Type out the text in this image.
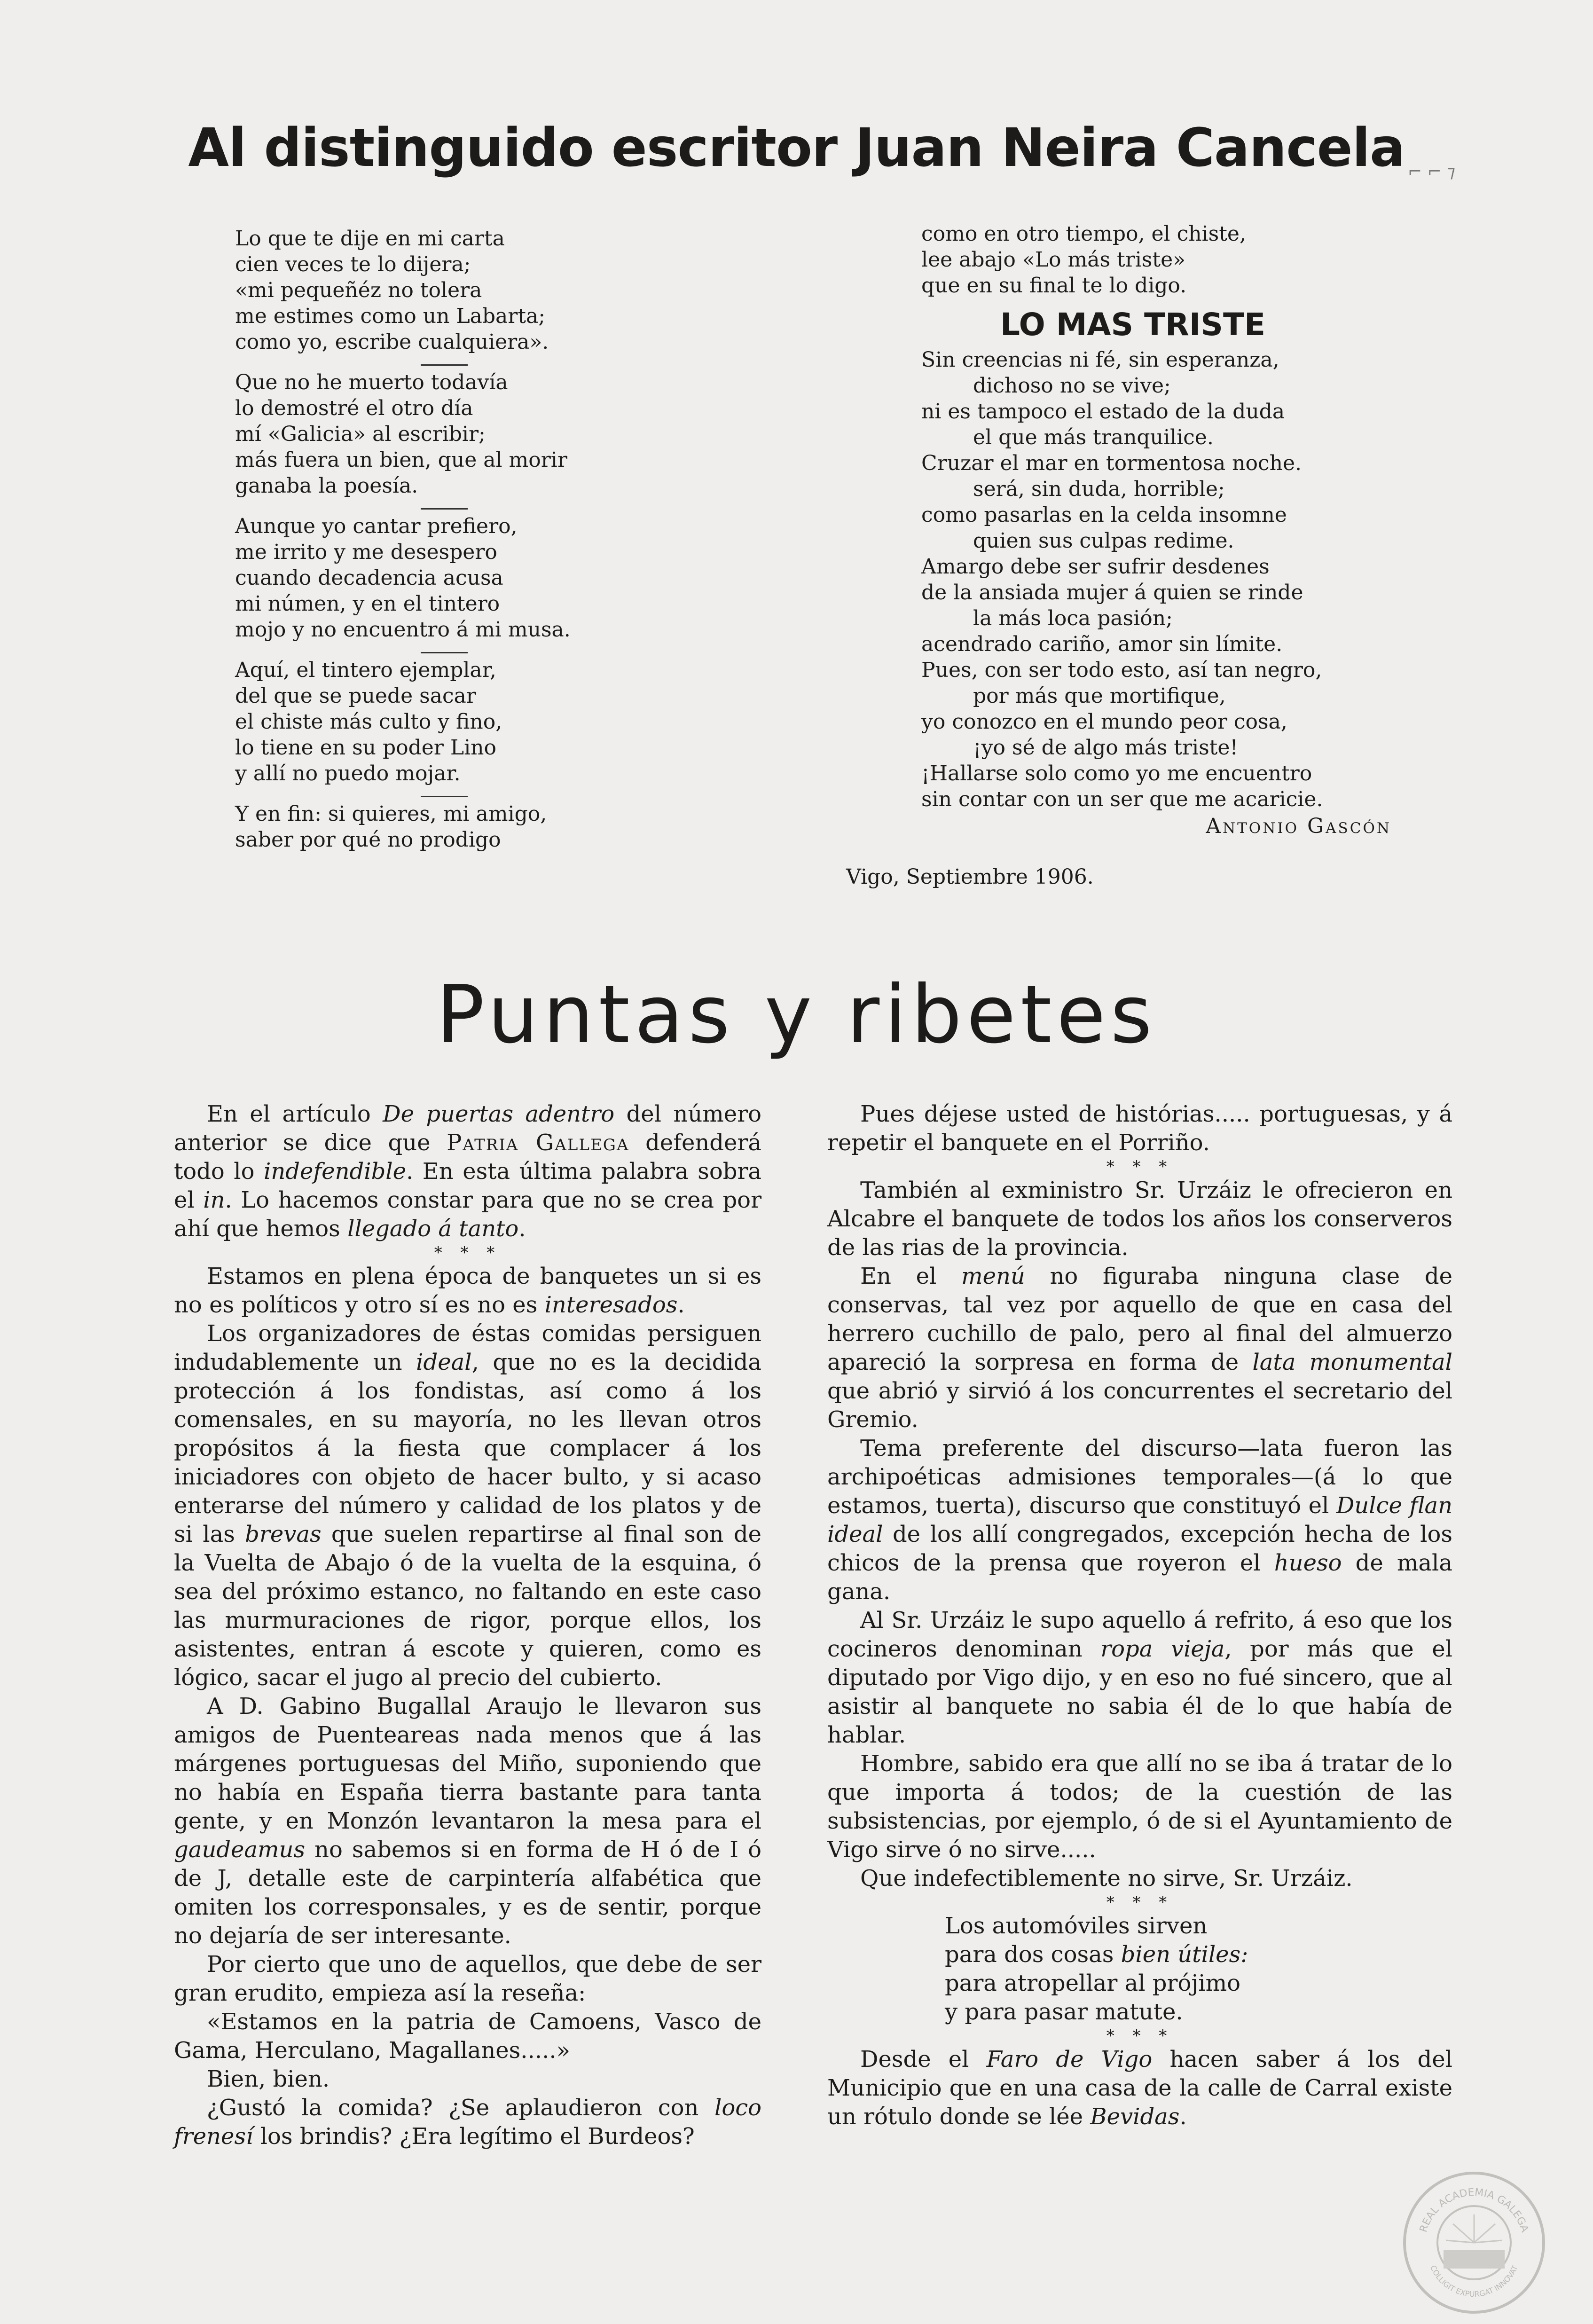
Al distinguido escritor Juan Neira Cancela ⌐ ⌐ ⁊
Lo que te dije en mi carta
cien veces te lo dijera;
«mi pequeñéz no tolera
me estimes como un Labarta;
como yo, escribe cualquiera».
Que no he muerto todavía
lo demostré el otro día
mí «Galicia» al escribir;
más fuera un bien, que al morir
ganaba la poesía.
Aunque yo cantar prefiero,
me irrito y me desespero
cuando decadencia acusa
mi númen, y en el tintero
mojo y no encuentro á mi musa.
Aquí, el tintero ejemplar,
del que se puede sacar
el chiste más culto y fino,
lo tiene en su poder Lino
y allí no puedo mojar.
Y en fin: si quieres, mi amigo,
saber por qué no prodigo
como en otro tiempo, el chiste,
lee abajo «Lo más triste»
que en su final te lo digo.
LO MAS TRISTE
Sin creencias ni fé, sin esperanza,
dichoso no se vive;
ni es tampoco el estado de la duda
el que más tranquilice.
Cruzar el mar en tormentosa noche.
será, sin duda, horrible;
como pasarlas en la celda insomne
quien sus culpas redime.
Amargo debe ser sufrir desdenes
de la ansiada mujer á quien se rinde
la más loca pasión;
acendrado cariño, amor sin límite.
Pues, con ser todo esto, así tan negro,
por más que mortifique,
yo conozco en el mundo peor cosa,
¡yo sé de algo más triste!
¡Hallarse solo como yo me encuentro
sin contar con un ser que me acaricie.
Antonio Gascón
Vigo, Septiembre 1906.
Puntas y ribetes

En el artículo De puertas adentro del número anterior se dice que Patria Gallega defenderá todo lo indefendible. En esta última palabra sobra el in. Lo hacemos constar para que no se crea por ahí que hemos llegado á tanto.

* * *

Estamos en plena época de banquetes un si es no es políticos y otro sí es no es interesados.

Los organizadores de éstas comidas persiguen indudablemente un ideal, que no es la decidida protección á los fondistas, así como á los comensales, en su mayoría, no les llevan otros propósitos á la fiesta que complacer á los iniciadores con objeto de hacer bulto, y si acaso enterarse del número y calidad de los platos y de si las brevas que suelen repartirse al final son de la Vuelta de Abajo ó de la vuelta de la esquina, ó sea del próximo estanco, no faltando en este caso las murmuraciones de rigor, porque ellos, los asistentes, entran á escote y quieren, como es lógico, sacar el jugo al precio del cubierto.

A D. Gabino Bugallal Araujo le llevaron sus amigos de Puenteareas nada menos que á las márgenes portuguesas del Miño, suponiendo que no había en España tierra bastante para tanta gente, y en Monzón levantaron la mesa para el gaudeamus no sabemos si en forma de H ó de I ó de J, detalle este de carpintería alfabética que omiten los corresponsales, y es de sentir, porque no dejaría de ser interesante.

Por cierto que uno de aquellos, que debe de ser gran erudito, empieza así la reseña:

«Estamos en la patria de Camoens, Vasco de Gama, Herculano, Magallanes.....»

Bien, bien.

¿Gustó la comida? ¿Se aplaudieron con loco frenesí los brindis? ¿Era legítimo el Burdeos?

Pues déjese usted de histórias..... portuguesas, y á repetir el banquete en el Porriño.

* * *

También al exministro Sr. Urzáiz le ofrecieron en Alcabre el banquete de todos los años los conserveros de las rias de la provincia.

En el menú no figuraba ninguna clase de conservas, tal vez por aquello de que en casa del herrero cuchillo de palo, pero al final del almuerzo apareció la sorpresa en forma de lata monumental que abrió y sirvió á los concurrentes el secretario del Gremio.

Tema preferente del discurso—lata fueron las archipoéticas admisiones temporales—(á lo que estamos, tuerta), discurso que constituyó el Dulce flan ideal de los allí congregados, excepción hecha de los chicos de la prensa que royeron el hueso de mala gana.

Al Sr. Urzáiz le supo aquello á refrito, á eso que los cocineros denominan ropa vieja, por más que el diputado por Vigo dijo, y en eso no fué sincero, que al asistir al banquete no sabia él de lo que había de hablar.

Hombre, sabido era que allí no se iba á tratar de lo que importa á todos; de la cuestión de las subsistencias, por ejemplo, ó de si el Ayuntamiento de Vigo sirve ó no sirve.....

Que indefectiblemente no sirve, Sr. Urzáiz.

* * *

Los automóviles sirven
para dos cosas bien útiles:
para atropellar al prójimo
y para pasar matute.

* * *

Desde el Faro de Vigo hacen saber á los del Municipio que en una casa de la calle de Carral existe un rótulo donde se lée Bevidas.

REAL ACADEMIA GALEGA
COLLIGIT EXPURGAT INNOVAT
